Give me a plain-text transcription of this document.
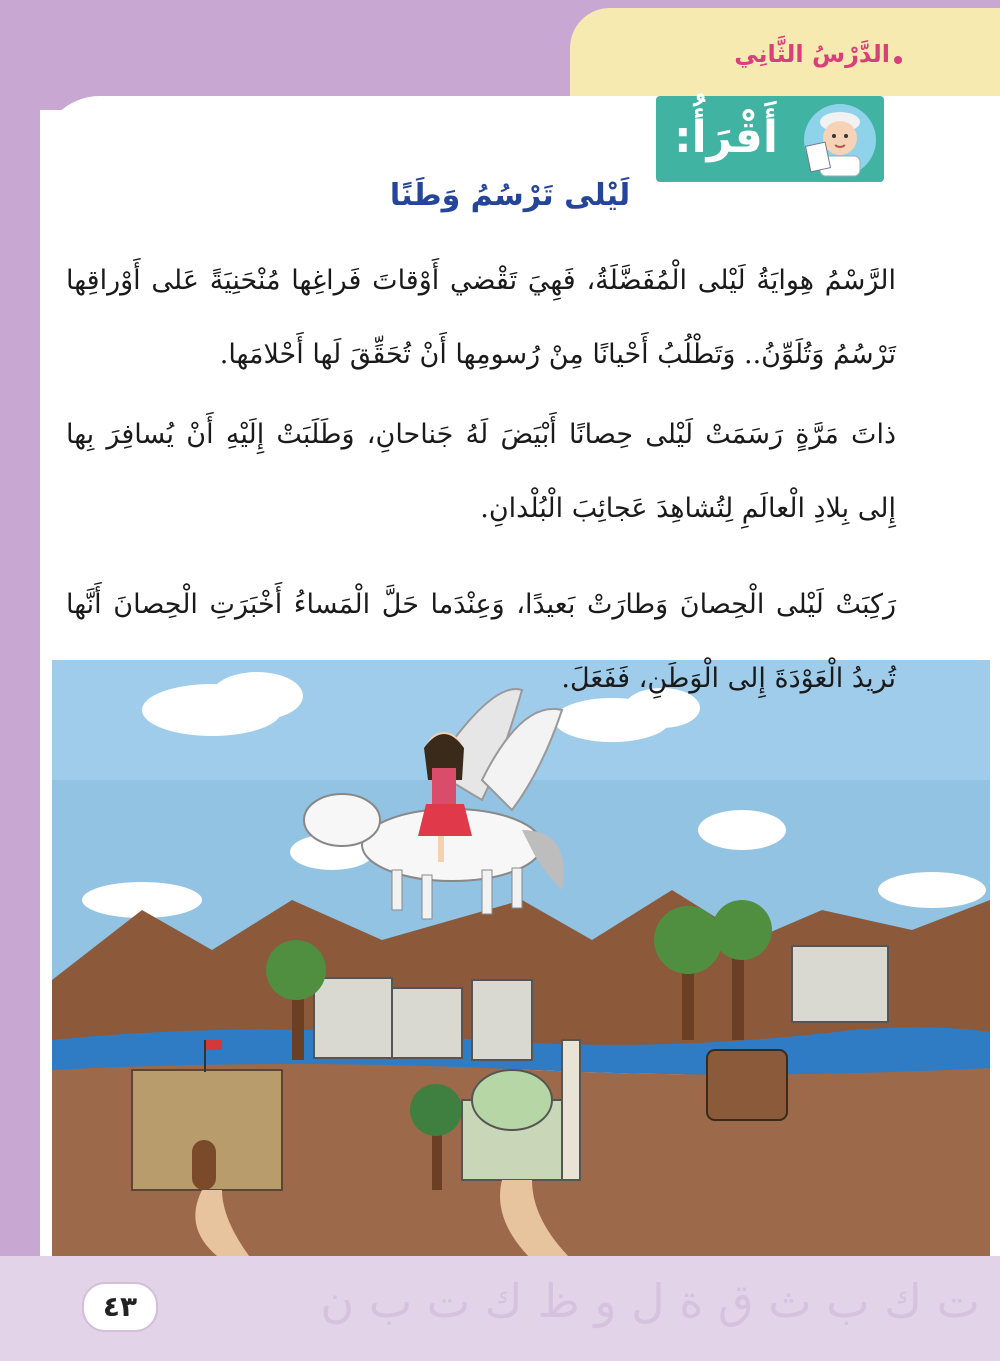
الدَّرْسُ الثَّانِي
أَقْرَأُ:
لَيْلى تَرْسُمُ وَطَنًا
الرَّسْمُ هِوايَةُ لَيْلى الْمُفَضَّلَةُ، فَهِيَ تَقْضي أَوْقاتَ فَراغِها مُنْحَنِيَةً عَلى أَوْراقِها تَرْسُمُ وَتُلَوِّنُ.. وَتَطْلُبُ أَحْيانًا مِنْ رُسومِها أَنْ تُحَقِّقَ لَها أَحْلامَها.
ذاتَ مَرَّةٍ رَسَمَتْ لَيْلى حِصانًا أَبْيَضَ لَهُ جَناحانِ، وَطَلَبَتْ إِلَيْهِ أَنْ يُسافِرَ بِها إِلى بِلادِ الْعالَمِ لِتُشاهِدَ عَجائِبَ الْبُلْدانِ.
رَكِبَتْ لَيْلى الْحِصانَ وَطارَتْ بَعيدًا، وَعِنْدَما حَلَّ الْمَساءُ أَخْبَرَتِ الْحِصانَ أَنَّها تُريدُ الْعَوْدَةَ إِلى الْوَطَنِ، فَفَعَلَ.
ت ك ب ث ق ة ل و ظ ك ت ب ن
٤٣
